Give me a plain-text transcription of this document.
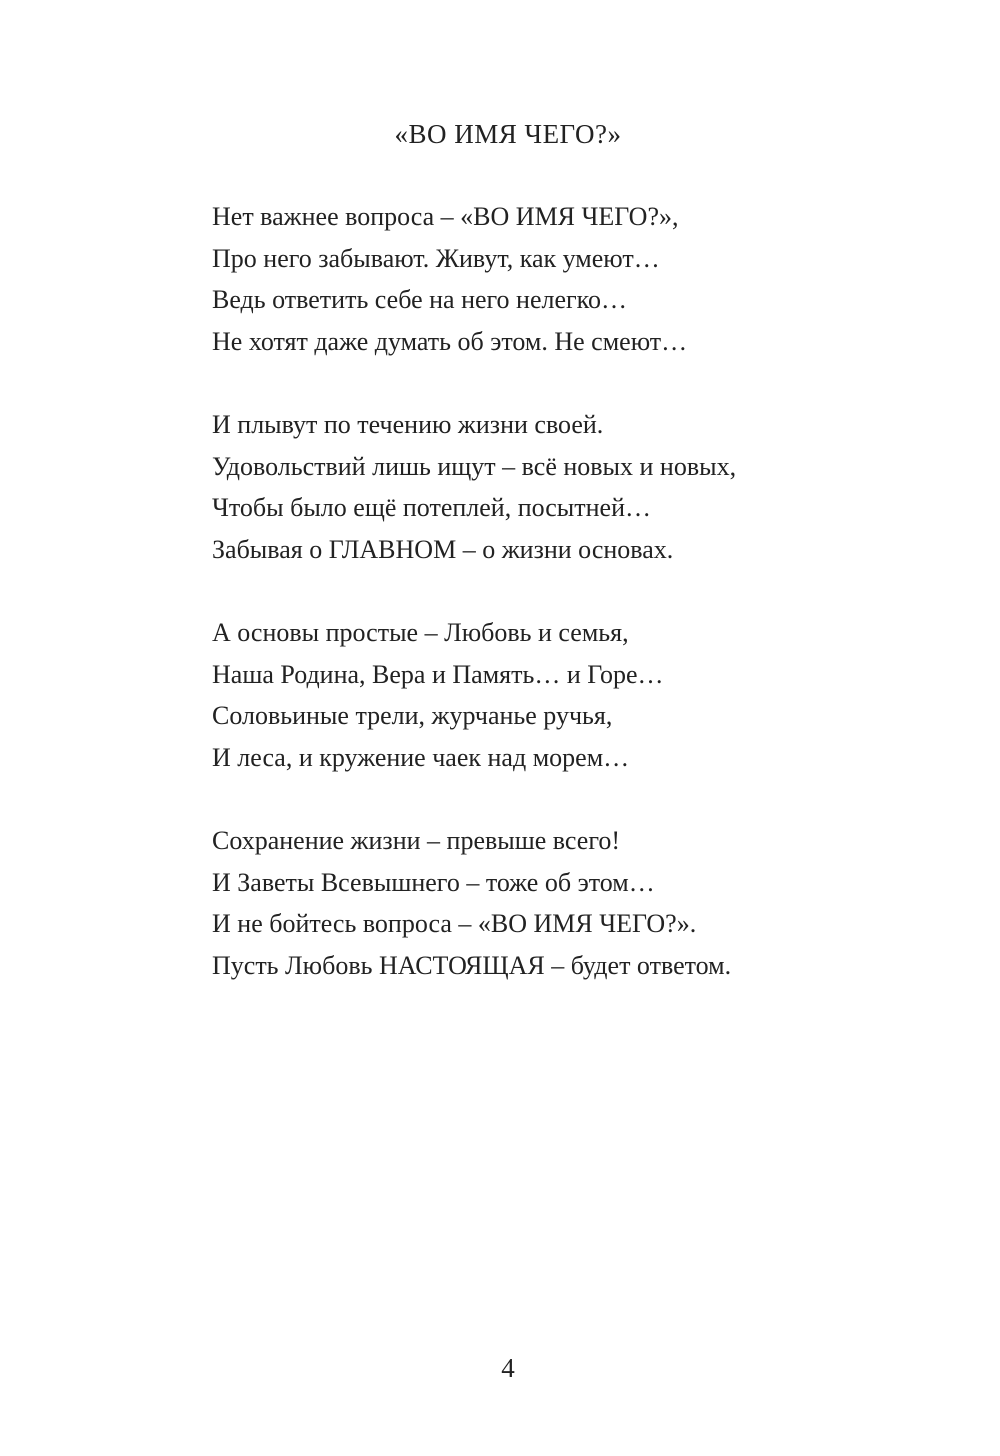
«ВО ИМЯ ЧЕГО?»
Нет важнее вопроса – «ВО ИМЯ ЧЕГО?»,
Про него забывают. Живут, как умеют…
Ведь ответить себе на него нелегко…
Не хотят даже думать об этом. Не смеют…
И плывут по течению жизни своей.
Удовольствий лишь ищут – всё новых и новых,
Чтобы было ещё потеплей, посытней…
Забывая о ГЛАВНОМ – о жизни основах.
А основы простые – Любовь и семья,
Наша Родина, Вера и Память… и Горе…
Соловьиные трели, журчанье ручья,
И леса, и кружение чаек над морем…
Сохранение жизни – превыше всего!
И Заветы Всевышнего – тоже об этом…
И не бойтесь вопроса – «ВО ИМЯ ЧЕГО?».
Пусть Любовь НАСТОЯЩАЯ – будет ответом.
4
